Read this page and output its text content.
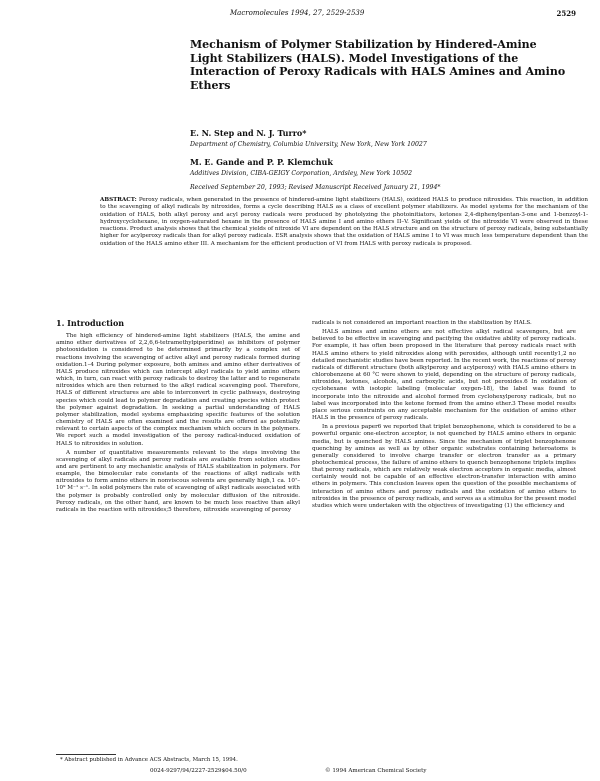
Macromolecules 1994, 27, 2529-2539	2529
Mechanism of Polymer Stabilization by Hindered-Amine Light Stabilizers (HALS). Model Investigations of the Interaction of Peroxy Radicals with HALS Amines and Amino Ethers

E. N. Step and N. J. Turro*

Department of Chemistry, Columbia University, New York, New York 10027

M. E. Gande and P. P. Klemchuk

Additives Division, CIBA-GEIGY Corporation, Ardsley, New York 10502

Received September 20, 1993; Revised Manuscript Received January 21, 1994*

ABSTRACT: Peroxy radicals, when generated in the presence of hindered-amine light stabilizers (HALS), oxidized HALS to produce nitroxides. This reaction, in addition to the scavenging of alkyl radicals by nitroxides, forms a cycle describing HALS as a class of excellent polymer stabilizers. As model systems for the mechanism of the oxidation of HALS, both alkyl peroxy and acyl peroxy radicals were produced by photolyzing the photoinitiators, ketones 2,4-diphenylpentan-3-one and 1-benzoyl-1-hydroxycyclohexane, in oxygen-saturated hexane in the presence of HALS amine I and amino ethers II–V. Significant yields of the nitroxide VI were observed in these reactions. Product analysis shows that the chemical yields of nitroxide VI are dependent on the HALS structure and on the structure of peroxy radicals, being substantially higher for acylperoxy radicals than for alkyl peroxy radicals. ESR analysis shows that the oxidation of HALS amine I to VI was much less temperature dependent than the oxidation of the HALS amino ether III. A mechanism for the efficient production of VI from HALS with peroxy radicals is proposed.

1. Introduction

The high efficiency of hindered-amine light stabilizers (HALS, the amine and amino ether derivatives of 2,2,6,6-tetramethylpiperidine) as inhibitors of polymer photooxidation is considered to be determined primarily by a complex set of reactions involving the scavenging of active alkyl and peroxy radicals formed during oxidation.1–4 During polymer exposure, both amines and amino ether derivatives of HALS produce nitroxides which can intercept alkyl radicals to yield amino ethers which, in turn, can react with peroxy radicals to destroy the latter and to regenerate nitroxides which are then returned to the alkyl radical scavenging pool. Therefore, HALS of different structures are able to interconvert in cyclic pathways, destroying species which could lead to polymer degradation and creating species which protect the polymer against degradation. In seeking a partial understanding of HALS polymer stabilization, model systems emphasizing specific features of the solution chemistry of HALS are often examined and the results are offered as potentially relevant to certain aspects of the complex mechanism which occurs in the polymers. We report such a model investigation of the peroxy radical-induced oxidation of HALS to nitroxides in solution.

A number of quantitative measurements relevant to the steps involving the scavenging of alkyl radicals and peroxy radicals are available from solution studies and are pertinent to any mechanistic analysis of HALS stabilization in polymers. For example, the bimolecular rate constants of the reactions of alkyl radicals with nitroxides to form amino ethers in nonviscous solvents are generally high,1 ca. 10⁷–10⁹ M⁻¹ s⁻¹. In solid polymers the rate of scavenging of alkyl radicals associated with the polymer is probably controlled only by molecular diffusion of the nitroxide. Peroxy radicals, on the other hand, are known to be much less reactive than alkyl radicals in the reaction with nitroxides;5 therefore, nitroxide scavenging of peroxy

radicals is not considered an important reaction in the stabilization by HALS.

HALS amines and amino ethers are not effective alkyl radical scavengers, but are believed to be effective in scavenging and pacifying the oxidative ability of peroxy radicals. For example, it has often been proposed in the literature that peroxy radicals react with HALS amino ethers to yield nitroxides along with peroxides, although until recently1,2 no detailed mechanistic studies have been reported. In the recent work, the reactions of peroxy radicals of different structure (both alkylperoxy and acylperoxy) with HALS amino ethers in chlorobenzene at 60 °C were shown to yield, depending on the structure of peroxy radicals, nitroxides, ketones, alcohols, and carboxylic acids, but not peroxides.6 In oxidation of cyclohexane with isotopic labeling (molecular oxygen-18), the label was found to incorporate into the nitroxide and alcohol formed from cyclohexylperoxy radicals, but no label was incorporated into the ketone formed from the amino ether.3 These model results place serious constraints on any acceptable mechanism for the oxidation of amino ether HALS in the presence of peroxy radicals.

In a previous paper6 we reported that triplet benzophenone, which is considered to be a powerful organic one-electron acceptor, is not quenched by HALS amino ethers in organic media, but is quenched by HALS amines. Since the mechanism of triplet benzophenone quenching by amines as well as by other organic substrates containing heteroatoms is generally considered to involve charge transfer or electron transfer as a primary photochemical process, the failure of amino ethers to quench benzophenone triplets implies that peroxy radicals, which are relatively weak electron acceptors in organic media, almost certainly would not be capable of an effective electron-transfer interaction with amino ethers in polymers. This conclusion leaves open the question of the possible mechanisms of interaction of amino ethers and peroxy radicals and the oxidation of amino ethers to nitroxides in the presence of peroxy radicals, and serves as a stimulus for the present model studies which were undertaken with the objectives of investigating (1) the efficiency and

* Abstract published in Advance ACS Abstracts, March 15, 1994.
0024-9297/94/2227-2529$04.50/0	© 1994 American Chemical Society
